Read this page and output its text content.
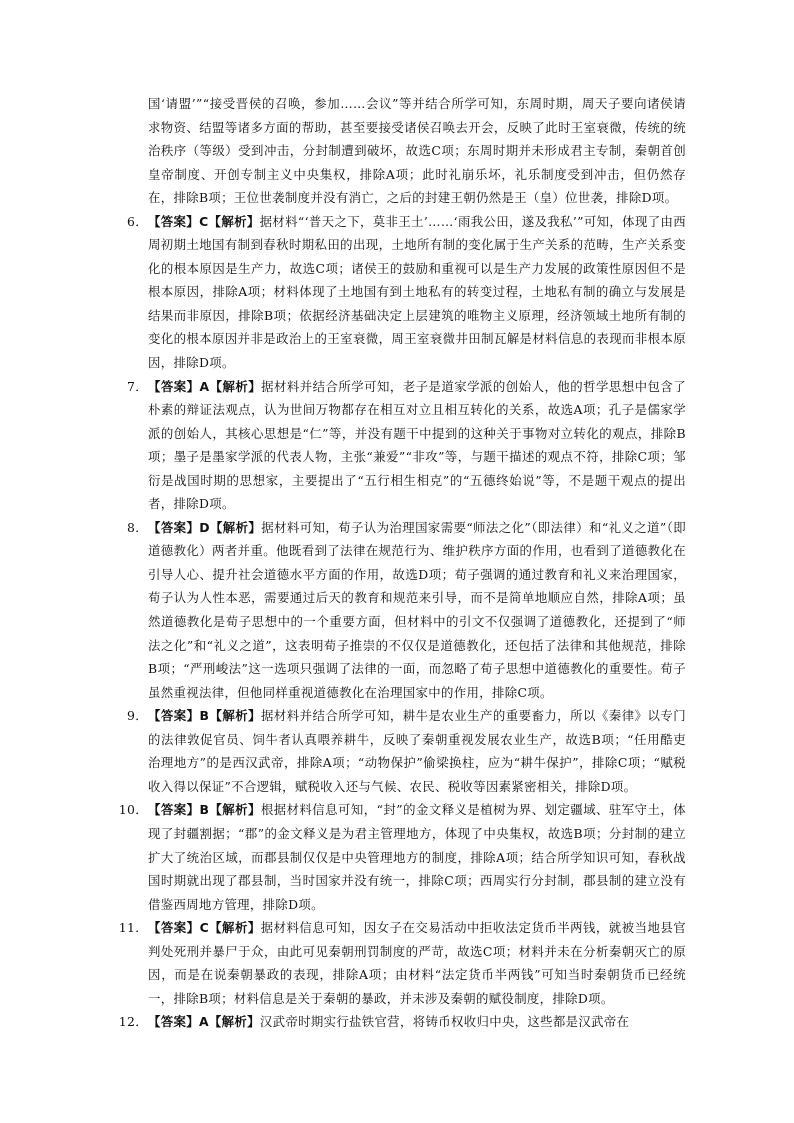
国‘请盟’”“接受晋侯的召唤，参加……会议”等并结合所学可知，东周时期，周天子要向诸侯请求物资、结盟等诸多方面的帮助，甚至要接受诸侯召唤去开会，反映了此时王室衰微，传统的统治秩序（等级）受到冲击，分封制遭到破坏，故选C项；东周时期并未形成君主专制，秦朝首创皇帝制度、开创专制主义中央集权，排除A项；此时礼崩乐坏，礼乐制度受到冲击，但仍然存在，排除B项；王位世袭制度并没有消亡，之后的封建王朝仍然是王（皇）位世袭，排除D项。

6． 【答案】C【解析】据材料“‘普天之下，莫非王土’……‘雨我公田，遂及我私’”可知，体现了由西周初期土地国有制到春秋时期私田的出现，土地所有制的变化属于生产关系的范畴，生产关系变化的根本原因是生产力，故选C项；诸侯王的鼓励和重视可以是生产力发展的政策性原因但不是根本原因，排除A项；材料体现了土地国有到土地私有的转变过程，土地私有制的确立与发展是结果而非原因，排除B项；依据经济基础决定上层建筑的唯物主义原理，经济领域土地所有制的变化的根本原因并非是政治上的王室衰微，周王室衰微井田制瓦解是材料信息的表现而非根本原因，排除D项。

7． 【答案】A【解析】据材料并结合所学可知，老子是道家学派的创始人，他的哲学思想中包含了朴素的辩证法观点，认为世间万物都存在相互对立且相互转化的关系，故选A项；孔子是儒家学派的创始人，其核心思想是“仁”等，并没有题干中提到的这种关于事物对立转化的观点，排除B项；墨子是墨家学派的代表人物，主张“兼爱”“非攻”等，与题干描述的观点不符，排除C项；邹衍是战国时期的思想家，主要提出了“五行相生相克”的“五德终始说”等，不是题干观点的提出者，排除D项。

8． 【答案】D【解析】据材料可知，荀子认为治理国家需要“师法之化”（即法律）和“礼义之道”（即道德教化）两者并重。他既看到了法律在规范行为、维护秩序方面的作用，也看到了道德教化在引导人心、提升社会道德水平方面的作用，故选D项；荀子强调的通过教育和礼义来治理国家，荀子认为人性本恶，需要通过后天的教育和规范来引导，而不是简单地顺应自然，排除A项；虽然道德教化是荀子思想中的一个重要方面，但材料中的引文不仅强调了道德教化，还提到了“师法之化”和“礼义之道”，这表明荀子推崇的不仅仅是道德教化，还包括了法律和其他规范，排除B项；“严刑峻法”这一选项只强调了法律的一面，而忽略了荀子思想中道德教化的重要性。荀子虽然重视法律，但他同样重视道德教化在治理国家中的作用，排除C项。

9． 【答案】B【解析】据材料并结合所学可知，耕牛是农业生产的重要畜力，所以《秦律》以专门的法律敦促官员、饲牛者认真喂养耕牛，反映了秦朝重视发展农业生产，故选B项；“任用酷吏治理地方”的是西汉武帝，排除A项；“动物保护”偷梁换柱，应为“耕牛保护”，排除C项；“赋税收入得以保证”不合逻辑，赋税收入还与气候、农民、税收等因素紧密相关，排除D项。

10． 【答案】B【解析】根据材料信息可知，“封”的金文释义是植树为界、划定疆域、驻军守土，体现了封疆割据；“郡”的金文释义是为君主管理地方，体现了中央集权，故选B项；分封制的建立扩大了统治区域，而郡县制仅仅是中央管理地方的制度，排除A项；结合所学知识可知，春秋战国时期就出现了郡县制，当时国家并没有统一，排除C项；西周实行分封制，郡县制的建立没有借鉴西周地方管理，排除D项。

11． 【答案】C【解析】据材料信息可知，因女子在交易活动中拒收法定货币半两钱，就被当地县官判处死刑并暴尸于众，由此可见秦朝刑罚制度的严苛，故选C项；材料并未在分析秦朝灭亡的原因，而是在说秦朝暴政的表现，排除A项；由材料“法定货币半两钱”可知当时秦朝货币已经统一，排除B项；材料信息是关于秦朝的暴政，并未涉及秦朝的赋役制度，排除D项。

12． 【答案】A【解析】汉武帝时期实行盐铁官营，将铸币权收归中央，这些都是汉武帝在
